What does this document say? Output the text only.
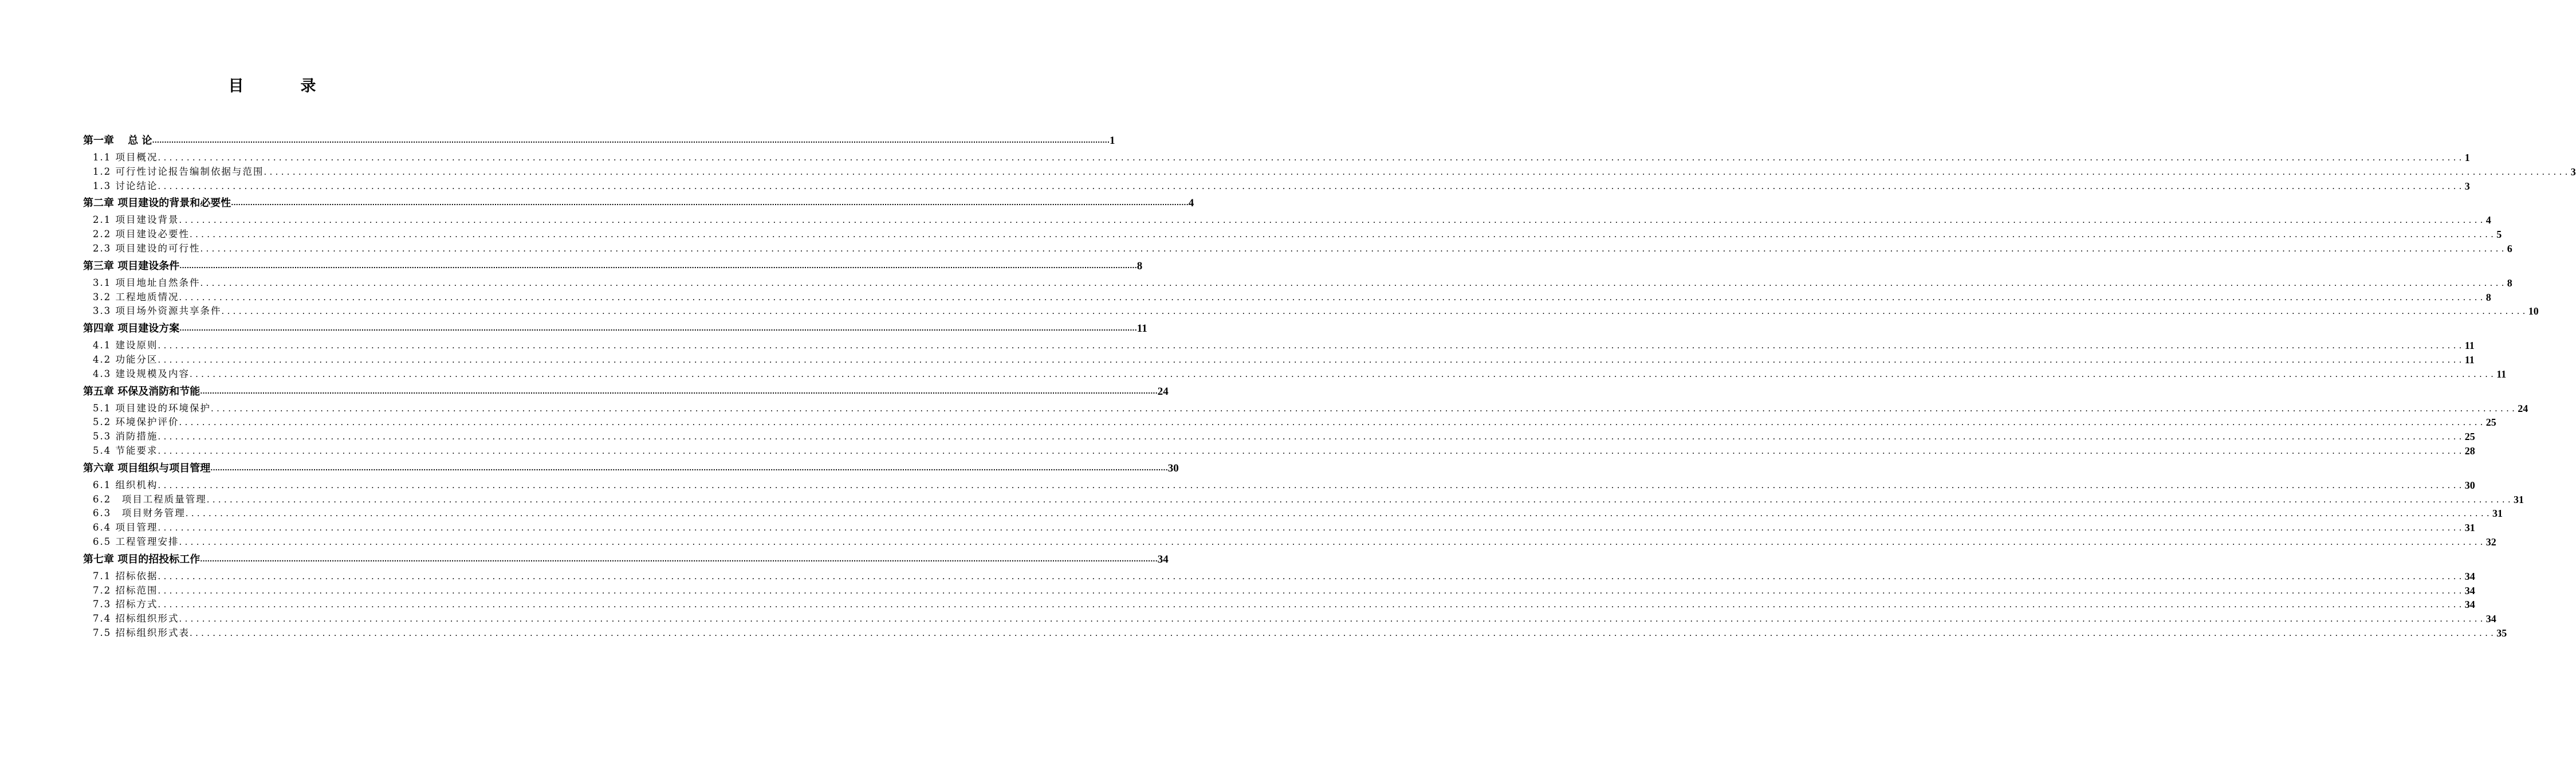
目　录
第一章　 总 论 ................................................................................................................................................................................................................................................................................................................................................................................................................ 1
1.1 项目概况 ................................................................................................................................................................................................................................................................................................................................................................................................................ 1
1.2 可行性讨论报告编制依据与范围 ................................................................................................................................................................................................................................................................................................................................................................................................................ 3
1.3 讨论结论 ................................................................................................................................................................................................................................................................................................................................................................................................................ 3
第二章 项目建设的背景和必要性 ................................................................................................................................................................................................................................................................................................................................................................................................................ 4
2.1 项目建设背景 ................................................................................................................................................................................................................................................................................................................................................................................................................ 4
2.2 项目建设必要性 ................................................................................................................................................................................................................................................................................................................................................................................................................ 5
2.3 项目建设的可行性 ................................................................................................................................................................................................................................................................................................................................................................................................................ 6
第三章 项目建设条件 ................................................................................................................................................................................................................................................................................................................................................................................................................ 8
3.1 项目地址自然条件 ................................................................................................................................................................................................................................................................................................................................................................................................................ 8
3.2 工程地质情况 ................................................................................................................................................................................................................................................................................................................................................................................................................ 8
3.3 项目场外资源共享条件 ................................................................................................................................................................................................................................................................................................................................................................................................................ 10
第四章 项目建设方案 ................................................................................................................................................................................................................................................................................................................................................................................................................ 11
4.1 建设原则 ................................................................................................................................................................................................................................................................................................................................................................................................................ 11
4.2 功能分区 ................................................................................................................................................................................................................................................................................................................................................................................................................ 11
4.3 建设规模及内容 ................................................................................................................................................................................................................................................................................................................................................................................................................ 11
第五章 环保及消防和节能 ................................................................................................................................................................................................................................................................................................................................................................................................................ 24
5.1 项目建设的环境保护 ................................................................................................................................................................................................................................................................................................................................................................................................................ 24
5.2 环境保护评价 ................................................................................................................................................................................................................................................................................................................................................................................................................ 25
5.3 消防措施 ................................................................................................................................................................................................................................................................................................................................................................................................................ 25
5.4 节能要求 ................................................................................................................................................................................................................................................................................................................................................................................................................ 28
第六章 项目组织与项目管理 ................................................................................................................................................................................................................................................................................................................................................................................................................ 30
6.1 组织机构 ................................................................................................................................................................................................................................................................................................................................................................................................................ 30
6.2　项目工程质量管理 ................................................................................................................................................................................................................................................................................................................................................................................................................ 31
6.3　项目财务管理 ................................................................................................................................................................................................................................................................................................................................................................................................................ 31
6.4 项目管理 ................................................................................................................................................................................................................................................................................................................................................................................................................ 31
6.5 工程管理安排 ................................................................................................................................................................................................................................................................................................................................................................................................................ 32
第七章 项目的招投标工作 ................................................................................................................................................................................................................................................................................................................................................................................................................ 34
7.1 招标依据 ................................................................................................................................................................................................................................................................................................................................................................................................................ 34
7.2 招标范围 ................................................................................................................................................................................................................................................................................................................................................................................................................ 34
7.3 招标方式 ................................................................................................................................................................................................................................................................................................................................................................................................................ 34
7.4 招标组织形式 ................................................................................................................................................................................................................................................................................................................................................................................................................ 34
7.5 招标组织形式表 ................................................................................................................................................................................................................................................................................................................................................................................................................ 35
